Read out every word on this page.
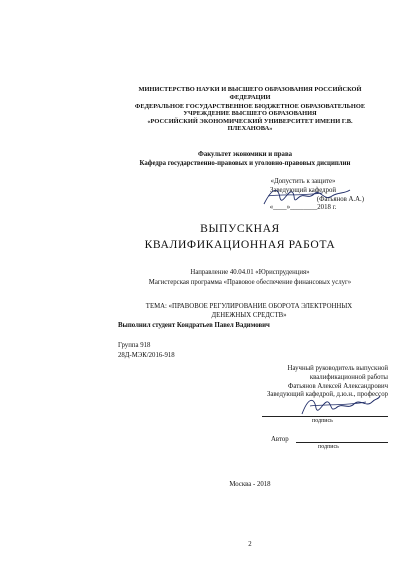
МИНИСТЕРСТВО НАУКИ И ВЫСШЕГО ОБРАЗОВАНИЯ РОССИЙСКОЙ
ФЕДЕРАЦИИ
ФЕДЕРАЛЬНОЕ ГОСУДАРСТВЕННОЕ БЮДЖЕТНОЕ ОБРАЗОВАТЕЛЬНОЕ
УЧРЕЖДЕНИЕ ВЫСШЕГО ОБРАЗОВАНИЯ
«РОССИЙСКИЙ ЭКОНОМИЧЕСКИЙ УНИВЕРСИТЕТ ИМЕНИ Г.В.
ПЛЕХАНОВА»
Факультет экономики и права
Кафедра государственно-правовых и уголовно-правовых дисциплин
«Допустить к защите»
Заведующий кафедрой
(Фатьянов А.А.)
«____»________2018 г.
ВЫПУСКНАЯ
КВАЛИФИКАЦИОННАЯ РАБОТА
Направление 40.04.01 «Юриспруденция»
Магистерская программа «Правовое обеспечение финансовых услуг»
ТЕМА: «ПРАВОВОЕ РЕГУЛИРОВАНИЕ ОБОРОТА ЭЛЕКТРОННЫХ
ДЕНЕЖНЫХ СРЕДСТВ»
Выполнил студент Кондратьев Павел Вадимович
Группа 918
28Д-МЭК/2016-918
Научный руководитель выпускной
квалификационной работы
Фатьянов Алексей Александрович
Заведующий кафедрой, д.ю.н., профессор
подпись
Автор
подпись
Москва - 2018
2
